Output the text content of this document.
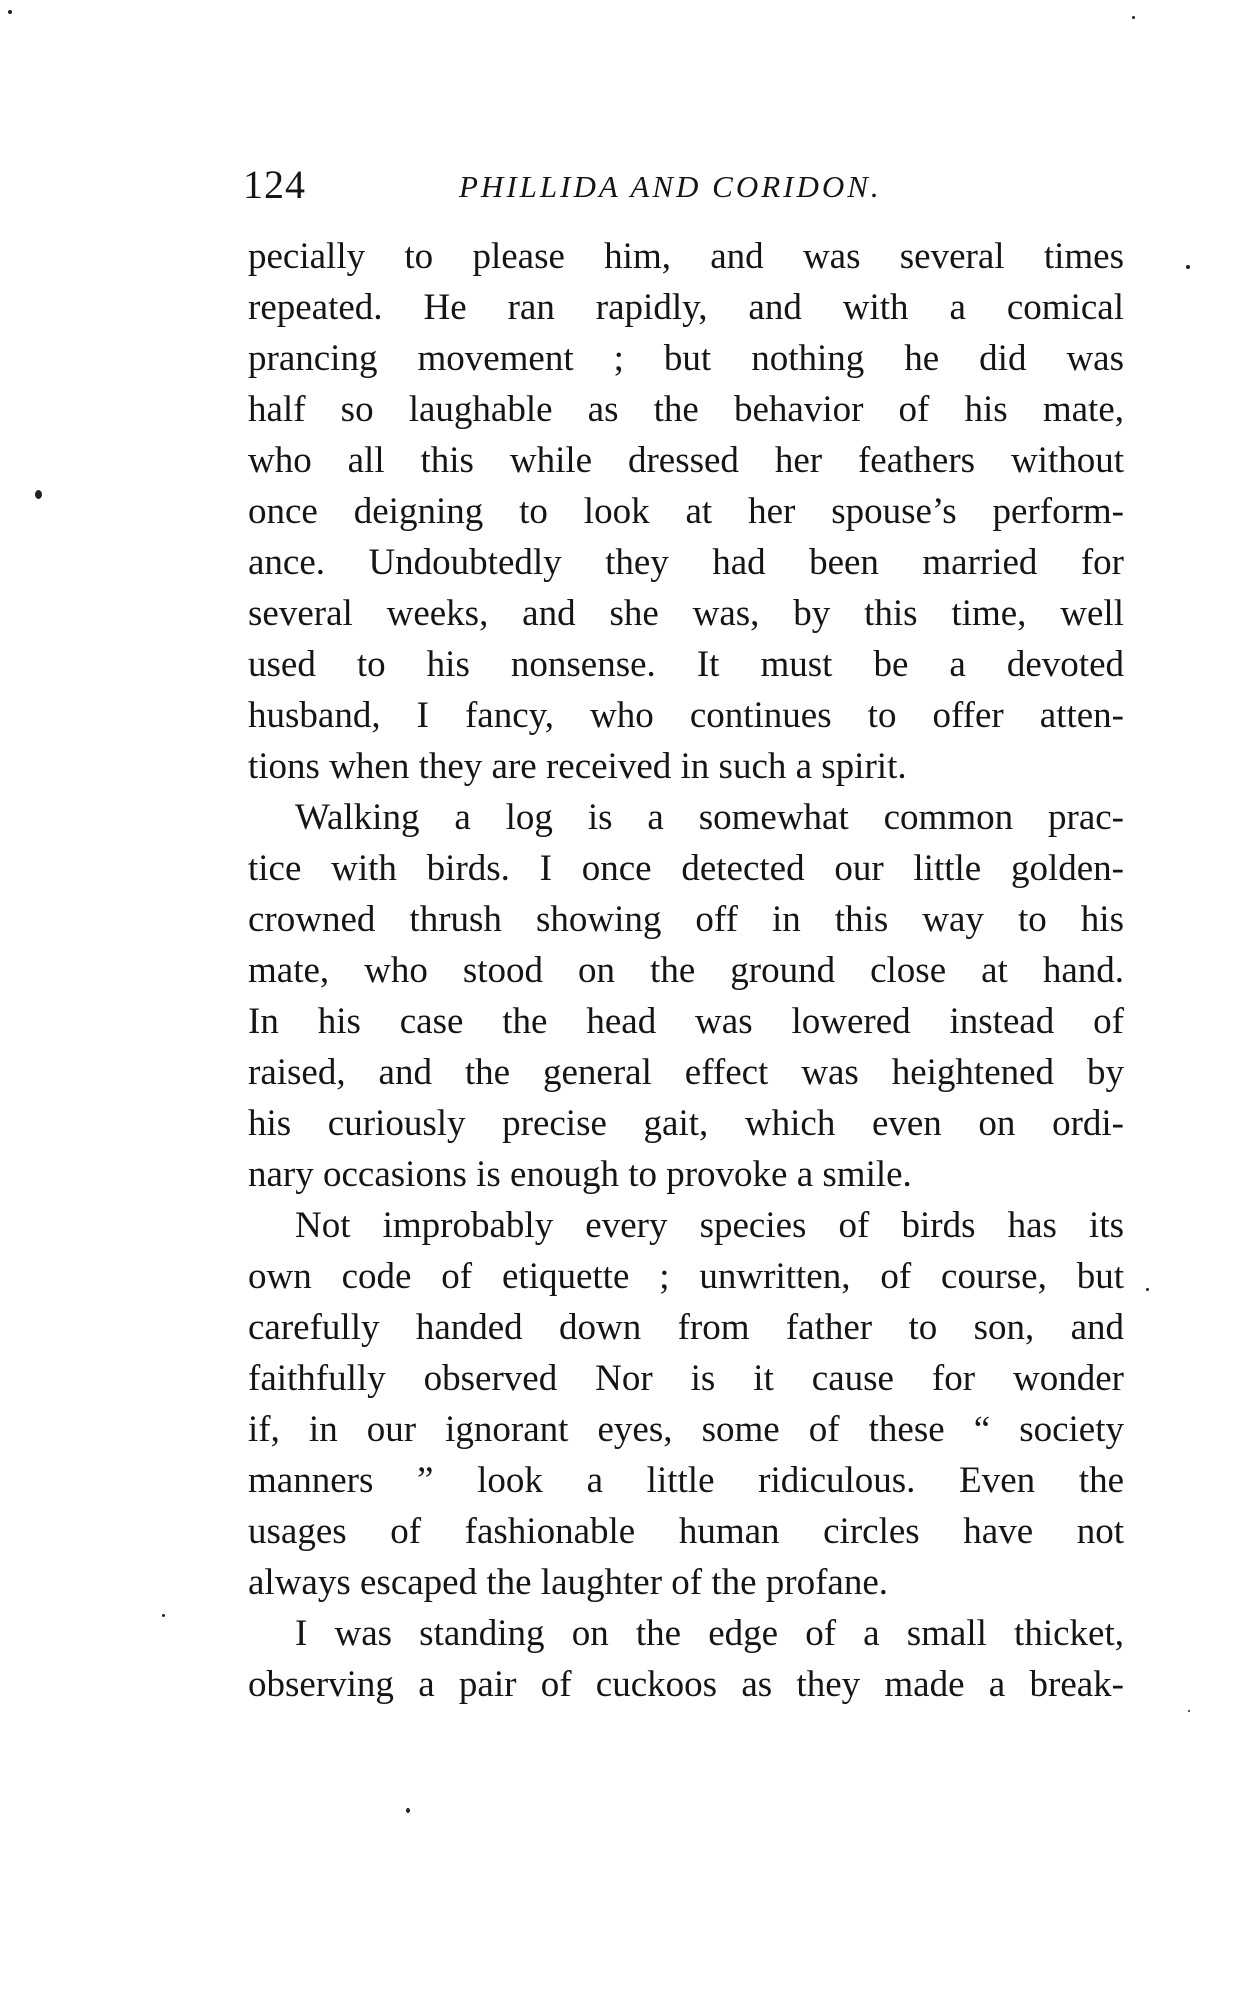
124	PHILLIDA AND CORIDON.
pecially to please him, and was several times
repeated. He ran rapidly, and with a comical
prancing movement ; but nothing he did was
half so laughable as the behavior of his mate,
who all this while dressed her feathers without
once deigning to look at her spouse’s perform-
ance. Undoubtedly they had been married for
several weeks, and she was, by this time, well
used to his nonsense. It must be a devoted
husband, I fancy, who continues to offer atten-
tions when they are received in such a spirit.
Walking a log is a somewhat common prac-
tice with birds. I once detected our little golden-
crowned thrush showing off in this way to his
mate, who stood on the ground close at hand.
In his case the head was lowered instead of
raised, and the general effect was heightened by
his curiously precise gait, which even on ordi-
nary occasions is enough to provoke a smile.
Not improbably every species of birds has its
own code of etiquette ; unwritten, of course, but
carefully handed down from father to son, and
faithfully observed Nor is it cause for wonder
if, in our ignorant eyes, some of these “ society
manners ” look a little ridiculous. Even the
usages of fashionable human circles have not
always escaped the laughter of the profane.
I was standing on the edge of a small thicket,
observing a pair of cuckoos as they made a break-
